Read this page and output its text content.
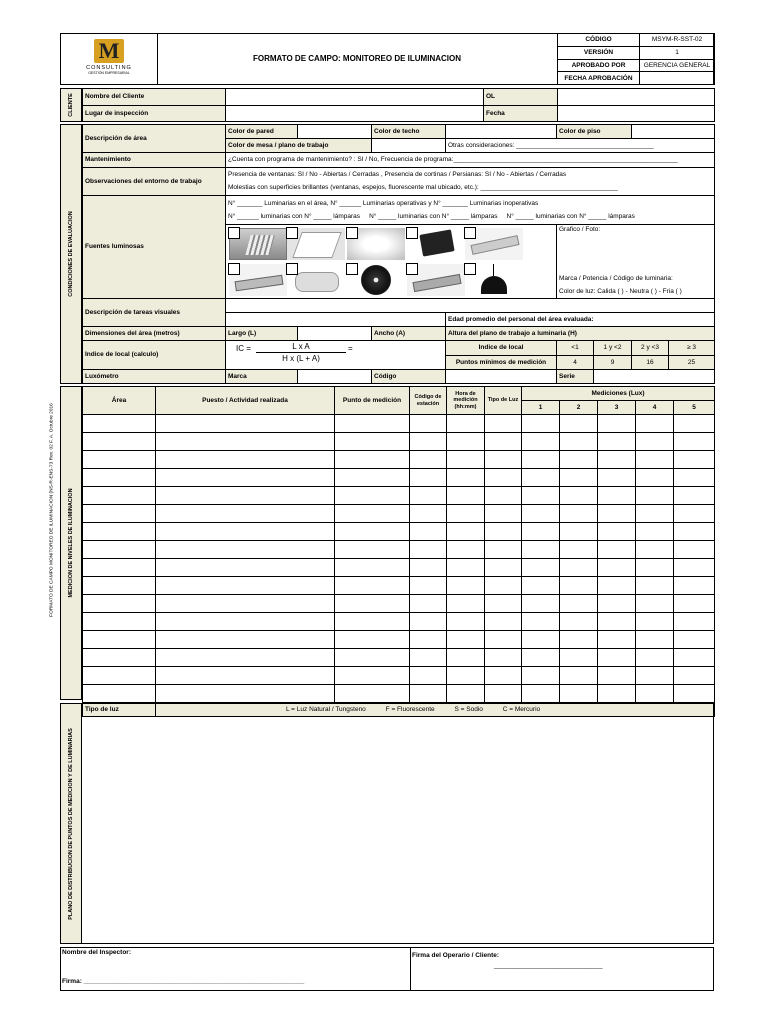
FORMATO DE CAMPO MONITOREO DE ILUMINACION (NS-R-ENS-73 Rev. 02 F. A. Octubre 2016
M
CONSULTING
GESTIÓN EMPRESARIAL
FORMATO DE CAMPO: MONITOREO DE ILUMINACION
CÓDIGO	MSYM-R-SST-02
VERSIÓN	1
APROBADO POR	GERENCIA GENERAL
FECHA APROBACIÓN	
CLIENTE Nombre del Cliente		OL	
Lugar de inspección		Fecha	
CONDICIONES DE EVALUACION
Descripción de área	Color de pared		Color de techo		Color de piso			
	Color de mesa / plano de trabajo			Otras consideraciones: ______________________________________				
Mantenimiento	¿Cuenta con programa de mantenimiento? : SI / No, Frecuencia de programa:______________________________________________________________							
Observaciones del entorno de trabajo	Presencia de ventanas: SI / No - Abiertas / Cerradas , Presencia de cortinas / Persianas: SI / No - Abiertas / Cerradas
Molestias con superficies brillantes (ventanas, espejos, fluorescente mal ubicado, etc.): ______________________________________							

Fuentes luminosas	N° _______ Luminarias en el área, N° ______ Luminarias operativas y N° _______ Luminarias inoperativas
N° ______ luminarias con N° _____ lámparas N° _____ luminarias con N° _____ lámparas N° _____ luminarias con N° _____ lámparas							

					Grafico / Foto:
Marca / Potencia / Código de luminaria:
Color de luz: Calida ( ) - Neutra ( ) - Fria ( )			

Descripción de tareas visuales								
				Edad promedio del personal del área evaluada:				
Dimensiones del área (metros)	Largo (L)		Ancho (A)	Altura del plano de trabajo a luminaria (H)				
Indice de local (calculo)	IC = L x A =
H x (L + A)			Indice de local	<1	1 y <2	2 y <3	≥ 3
				Puntos mínimos de medición	4	9	16	25
Luxómetro	Marca		Código		Serie			
MEDICION DE NIVELES DE ILUMINACION
Área	Puesto / Actividad realizada	Punto de medición	Código de estación	Hora de medición (hh:mm)	Tipo de Luz	Mediciones (Lux)				
						1	2	3	4	5

Tipo de luz	L = Luz Natural / Tungsteno F = Fluorescente S = Sodio C = Mercurio									
PLANO DE DISTRIBUCION DE PUNTOS DE MEDICION Y DE LUMINARIAS
Nombre del Inspector:
Firma: _____________________________________________________________
Firma del Operario / Cliente:
______________________________
